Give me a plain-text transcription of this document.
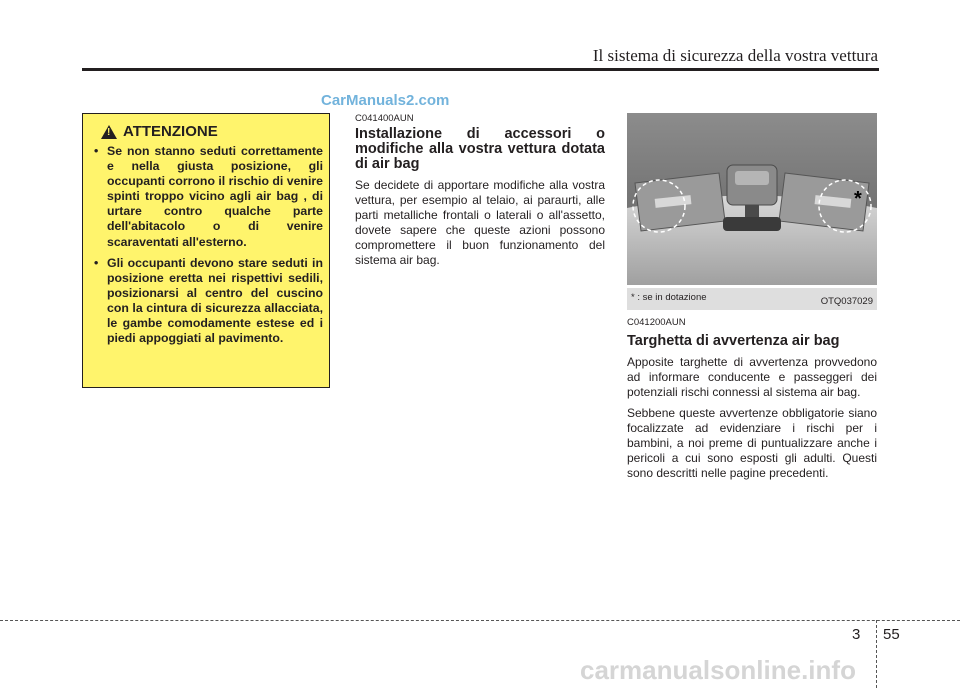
Il sistema di sicurezza della vostra vettura
CarManuals2.com
! ATTENZIONE
• Se non stanno seduti correttamente e nella giusta posizione, gli occupanti corrono il rischio di venire spinti troppo vicino agli air bag , di urtare contro qualche parte dell'abitacolo o di venire scaraventati all'esterno.
• Gli occupanti devono stare seduti in posizione eretta nei rispettivi sedili, posizionarsi al centro del cuscino con la cintura di sicurezza allacciata, le gambe comodamente estese ed i piedi appoggiati al pavimento.

C041400AUN

Installazione di accessori o modifiche alla vostra vettura dotata di air bag

Se decidete di apportare modifiche alla vostra vettura, per esempio al telaio, ai paraurti, alle parti metalliche frontali o laterali o all'assetto, dovete sapere che queste azioni possono compromettere il buon funzionamento del sistema air bag.

*
* : se in dotazione	OTQ037029

C041200AUN

Targhetta di avvertenza air bag

Apposite targhette di avvertenza provvedono ad informare conducente e passeggeri dei potenziali rischi connessi al sistema air bag.

Sebbene queste avvertenze obbligatorie siano focalizzate ad evidenziare i rischi per i bambini, a noi preme di puntualizzare anche i pericoli a cui sono esposti gli adulti. Questi sono descritti nelle pagine precedenti.

3 55
carmanualsonline.info
